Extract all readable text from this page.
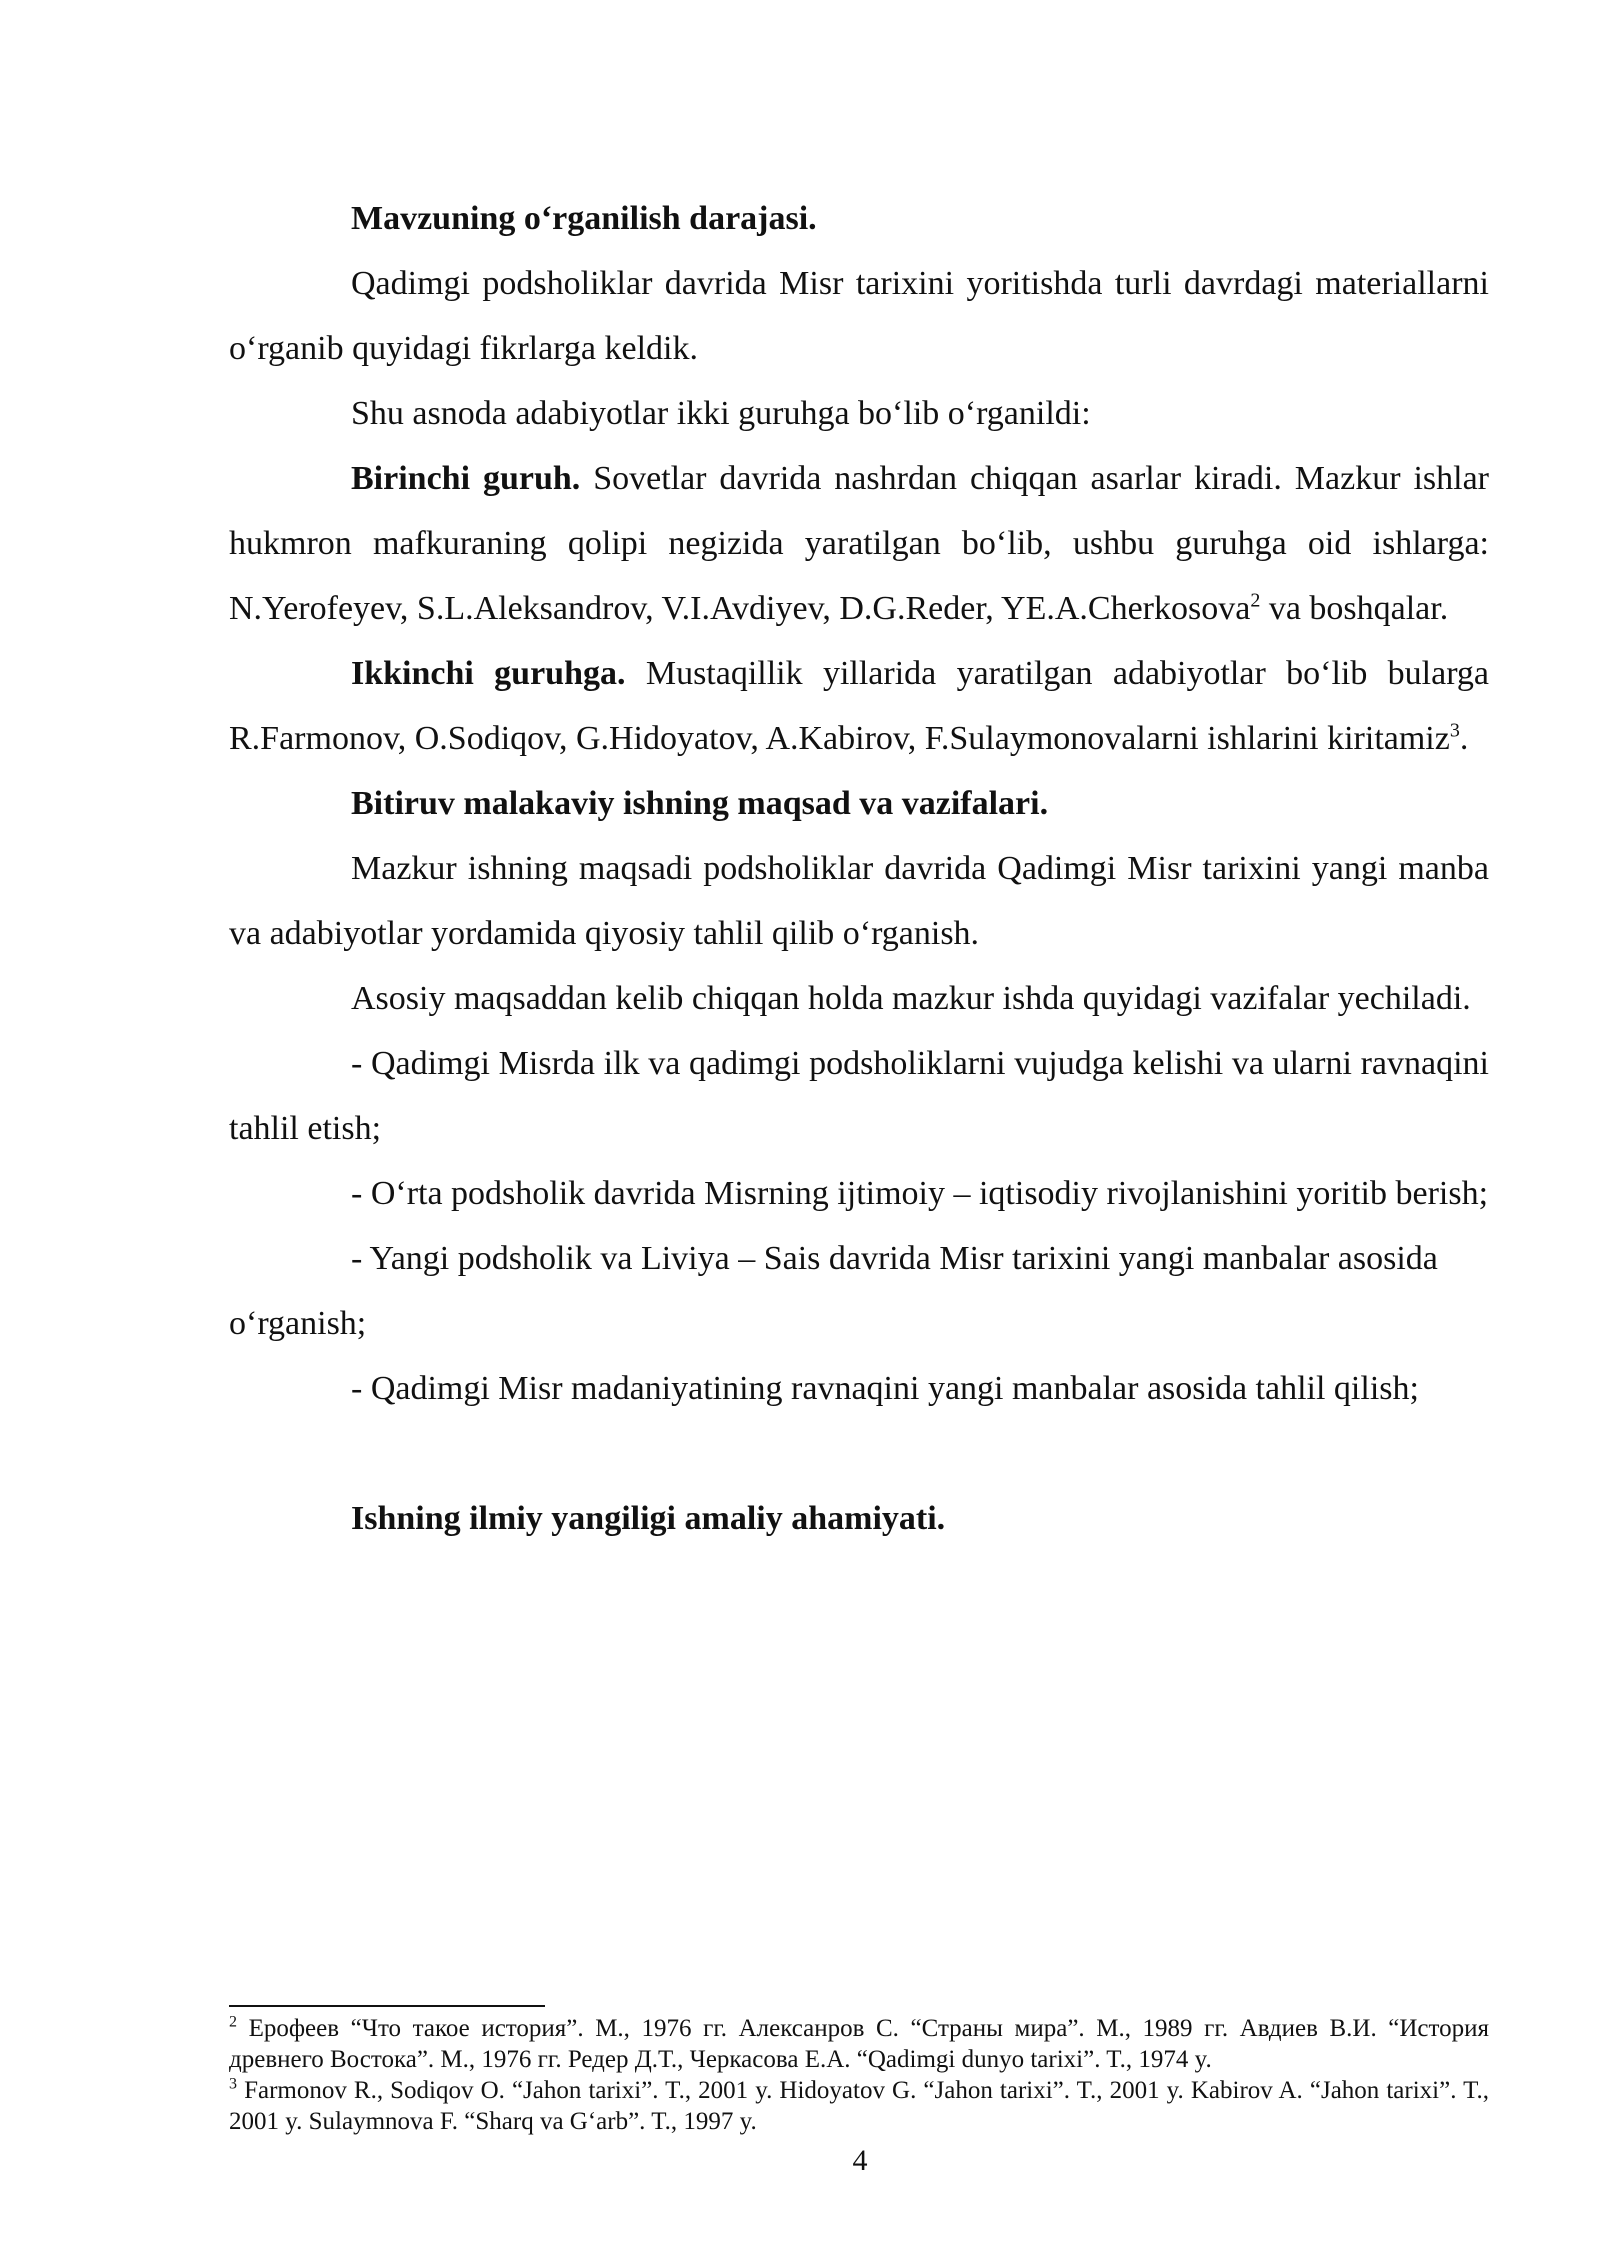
Mavzuning o‘rganilish darajasi.

Qadimgi podsholiklar davrida Misr tarixini yoritishda turli davrdagi materiallarni o‘rganib quyidagi fikrlarga keldik.

Shu asnoda adabiyotlar ikki guruhga bo‘lib o‘rganildi:

Birinchi guruh. Sovetlar davrida nashrdan chiqqan asarlar kiradi. Mazkur ishlar hukmron mafkuraning qolipi negizida yaratilgan bo‘lib, ushbu guruhga oid ishlarga: N.Yerofeyev, S.L.Aleksandrov, V.I.Avdiyev, D.G.Reder, YE.A.Cherkosova$^2$ va boshqalar.

Ikkinchi guruhga. Mustaqillik yillarida yaratilgan adabiyotlar bo‘lib bularga R.Farmonov, O.Sodiqov, G.Hidoyatov, A.Kabirov, F.Sulaymonovalarni ishlarini kiritamiz$^3$.

Bitiruv malakaviy ishning maqsad va vazifalari.

Mazkur ishning maqsadi podsholiklar davrida Qadimgi Misr tarixini yangi manba va adabiyotlar yordamida qiyosiy tahlil qilib o‘rganish.

Asosiy maqsaddan kelib chiqqan holda mazkur ishda quyidagi vazifalar yechiladi.

- Qadimgi Misrda ilk va qadimgi podsholiklarni vujudga kelishi va ularni ravnaqini tahlil etish;

- O‘rta podsholik davrida Misrning ijtimoiy – iqtisodiy rivojlanishini yoritib berish;

- Yangi podsholik va Liviya – Sais davrida Misr tarixini yangi manbalar asosida o‘rganish;

- Qadimgi Misr madaniyatining ravnaqini yangi manbalar asosida tahlil qilish;

Ishning ilmiy yangiligi amaliy ahamiyati.

$^2$ Ерофеев “Что такое история”. М., 1976 гг. Алексанров С. “Страны мира”. М., 1989 гг. Авдиев В.И. “История древнего Востока”. М., 1976 гг. Редер Д.Т., Черкасова Е.А. “Qadimgi dunyo tarixi”. T., 1974 y.

$^3$ Farmonov R., Sodiqov O. “Jahon tarixi”. T., 2001 y. Hidoyatov G. “Jahon tarixi”. T., 2001 y. Kabirov A. “Jahon tarixi”. T., 2001 y. Sulaymnova F. “Sharq va G‘arb”. T., 1997 y.

4
